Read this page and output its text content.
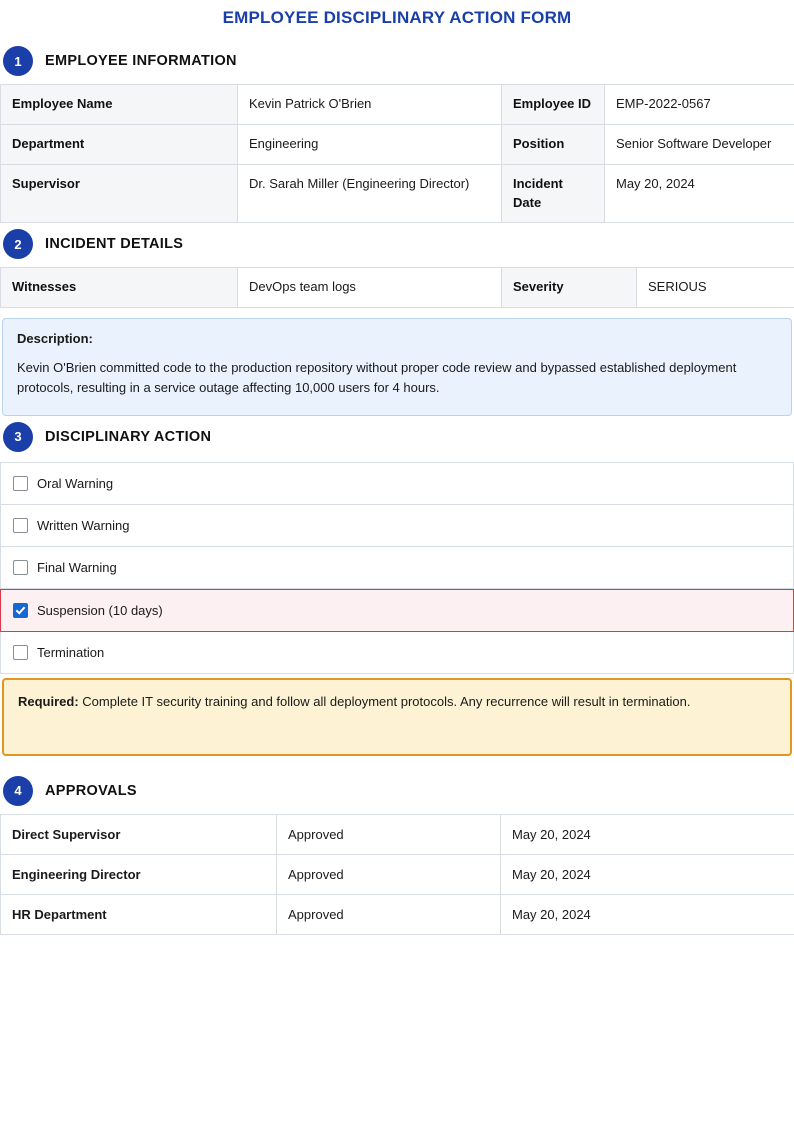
EMPLOYEE DISCIPLINARY ACTION FORM
1	EMPLOYEE INFORMATION
Employee Name	Kevin Patrick O'Brien	Employee ID	EMP-2022-0567
Department	Engineering	Position	Senior Software Developer
Supervisor	Dr. Sarah Miller (Engineering Director)	Incident Date	May 20, 2024
2	INCIDENT DETAILS
Witnesses	DevOps team logs	Severity	SERIOUS
Description:
Kevin O'Brien committed code to the production repository without proper code review and bypassed established deployment protocols, resulting in a service outage affecting 10,000 users for 4 hours.
3	DISCIPLINARY ACTION
Oral Warning
Written Warning
Final Warning
Suspension (10 days)
Termination
Required: Complete IT security training and follow all deployment protocols. Any recurrence will result in termination.
4	APPROVALS
Direct Supervisor	Approved	May 20, 2024
Engineering Director	Approved	May 20, 2024
HR Department	Approved	May 20, 2024
